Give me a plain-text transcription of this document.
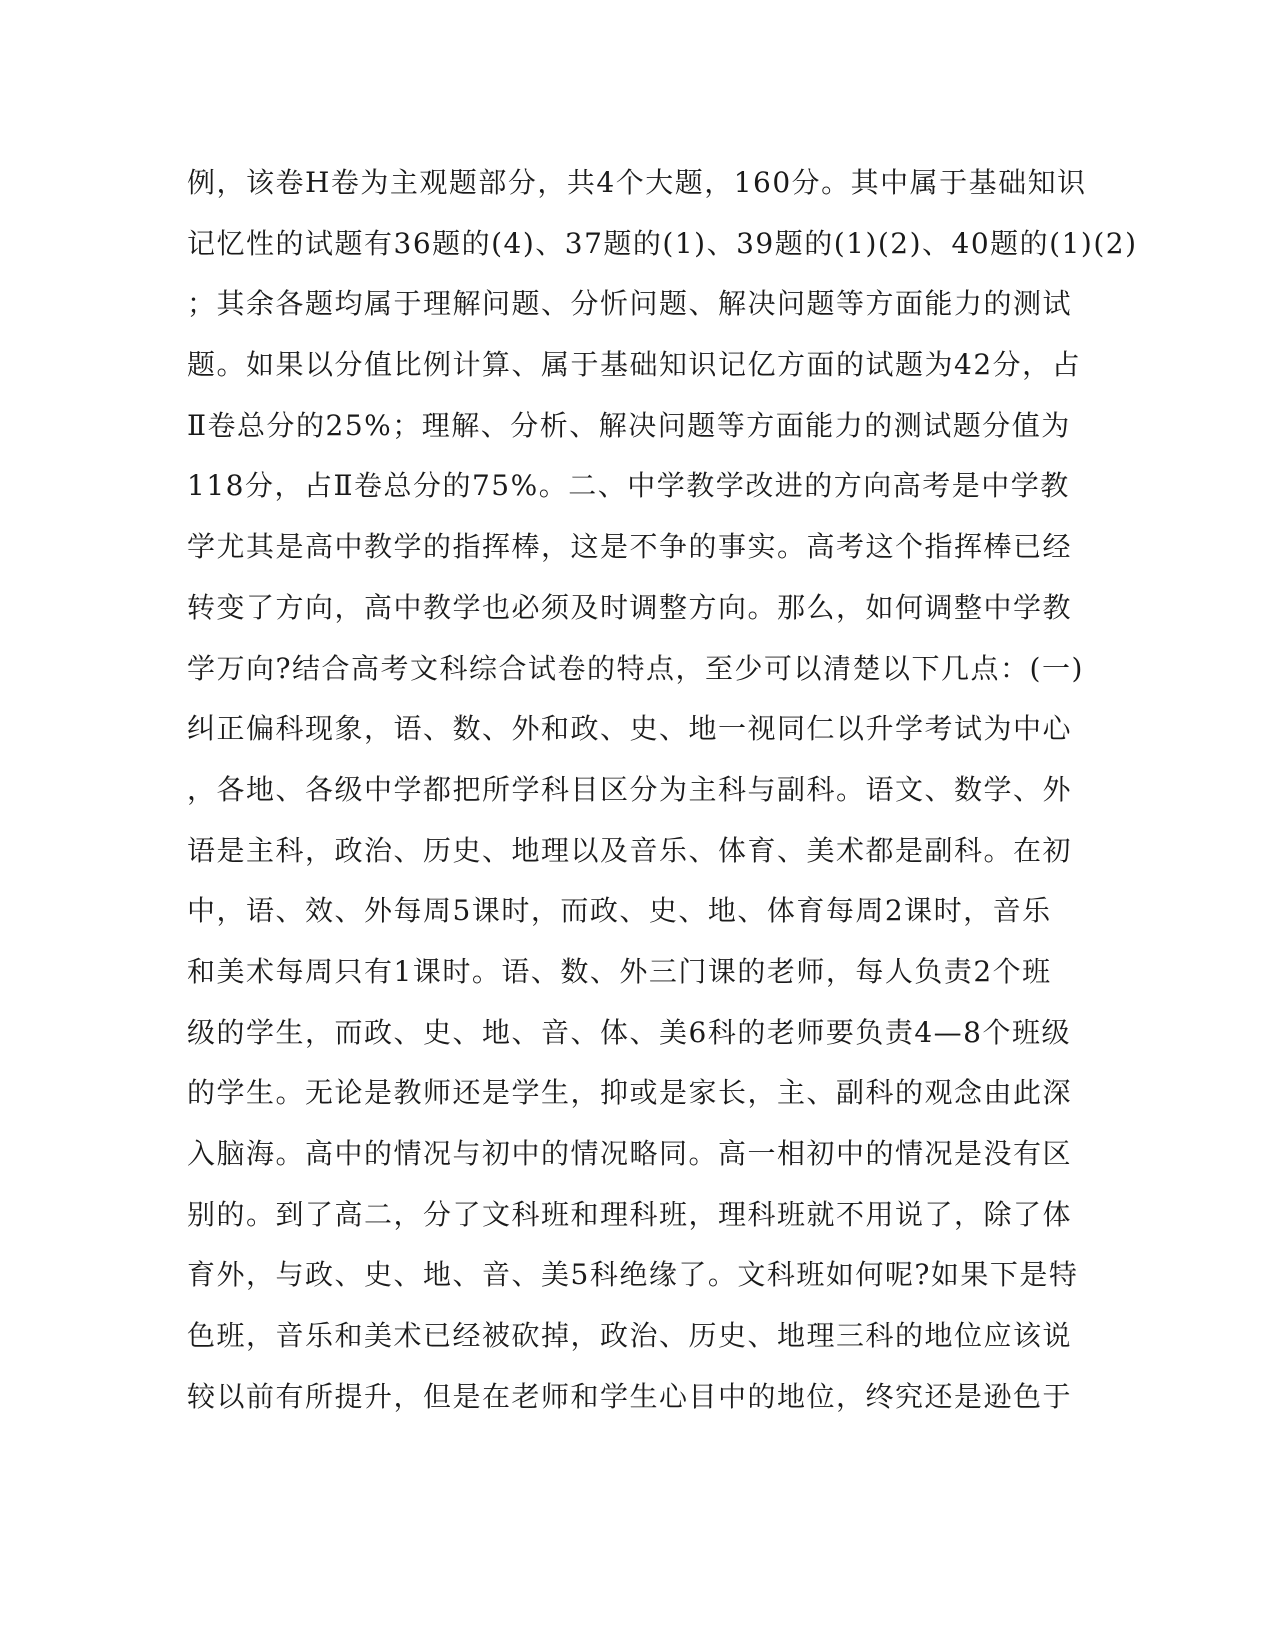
例，该卷H卷为主观题部分，共4个大题，160分。其中属于基础知识
记忆性的试题有36题的(4)、37题的(1)、39题的(1)(2)、40题的(1)(2)
；其余各题均属于理解问题、分忻问题、解决问题等方面能力的测试
题。如果以分值比例计算、属于基础知识记亿方面的试题为42分，占
Ⅱ卷总分的25%；理解、分析、解决问题等方面能力的测试题分值为
118分，占Ⅱ卷总分的75%。二、中学教学改进的方向高考是中学教
学尤其是高中教学的指挥棒，这是不争的事实。高考这个指挥棒已经
转变了方向，高中教学也必须及时调整方向。那么，如何调整中学教
学万向?结合高考文科综合试卷的特点，至少可以清楚以下几点：(一)
纠正偏科现象，语、数、外和政、史、地一视同仁以升学考试为中心
，各地、各级中学都把所学科目区分为主科与副科。语文、数学、外
语是主科，政治、历史、地理以及音乐、体育、美术都是副科。在初
中，语、效、外每周5课时，而政、史、地、体育每周2课时，音乐
和美术每周只有1课时。语、数、外三门课的老师，每人负责2个班
级的学生，而政、史、地、音、体、美6科的老师要负责4—8个班级
的学生。无论是教师还是学生，抑或是家长，主、副科的观念由此深
入脑海。高中的情况与初中的情况略同。高一相初中的情况是没有区
别的。到了高二，分了文科班和理科班，理科班就不用说了，除了体
育外，与政、史、地、音、美5科绝缘了。文科班如何呢?如果下是特
色班，音乐和美术已经被砍掉，政治、历史、地理三科的地位应该说
较以前有所提升，但是在老师和学生心目中的地位，终究还是逊色于
